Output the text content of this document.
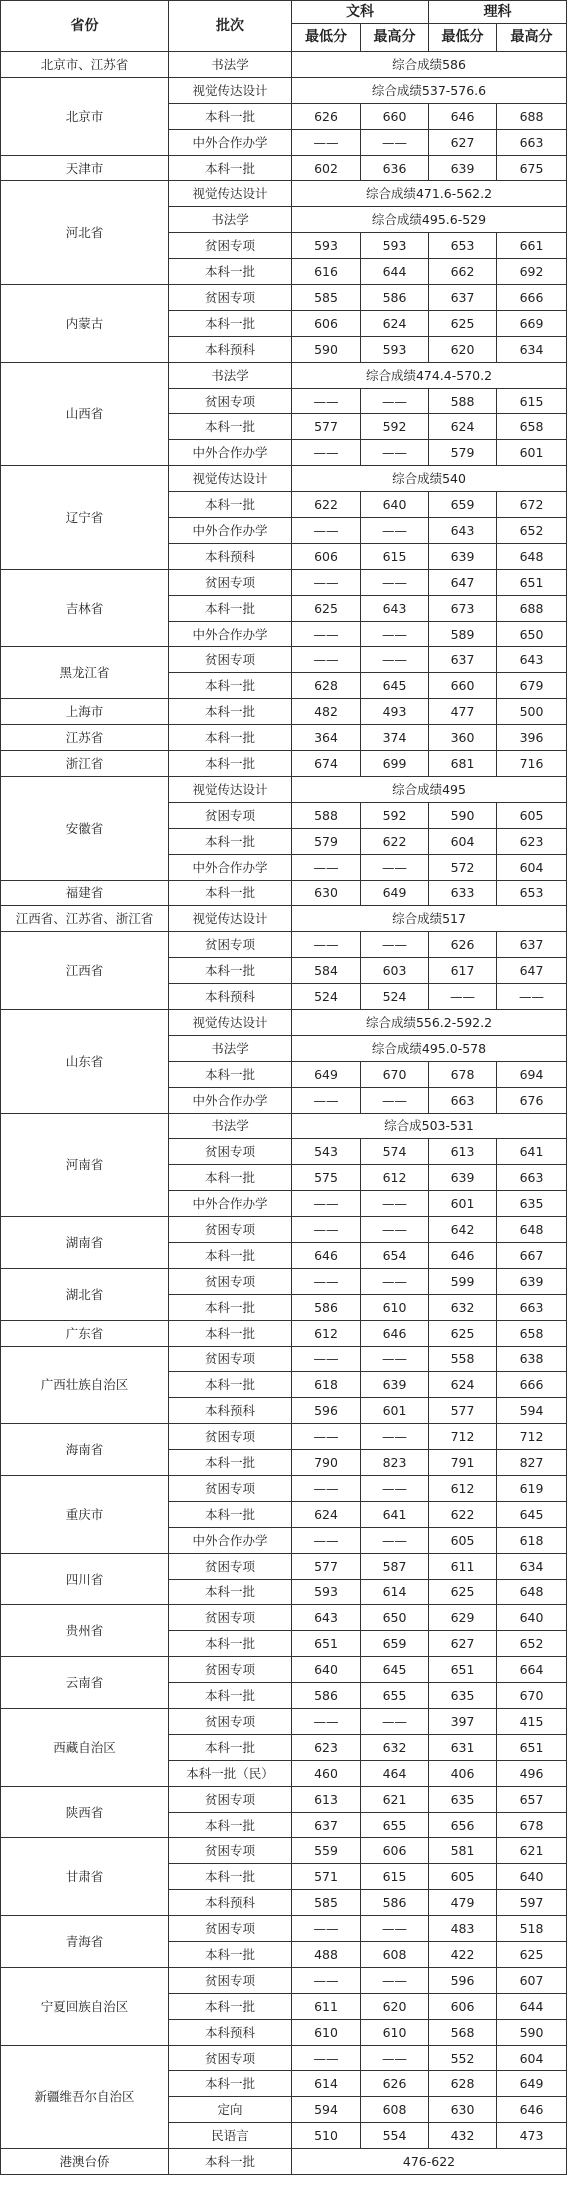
省份	批次	文科		理科	
		最低分	最高分	最低分	最高分
北京市、江苏省	书法学	综合成绩586			
北京市	视觉传达设计	综合成绩537-576.6			
	本科一批	626	660	646	688
	中外合作办学	——	——	627	663
天津市	本科一批	602	636	639	675
河北省	视觉传达设计	综合成绩471.6-562.2			
	书法学	综合成绩495.6-529			
	贫困专项	593	593	653	661
	本科一批	616	644	662	692
内蒙古	贫困专项	585	586	637	666
	本科一批	606	624	625	669
	本科预科	590	593	620	634
山西省	书法学	综合成绩474.4-570.2			
	贫困专项	——	——	588	615
	本科一批	577	592	624	658
	中外合作办学	——	——	579	601
辽宁省	视觉传达设计	综合成绩540			
	本科一批	622	640	659	672
	中外合作办学	——	——	643	652
	本科预科	606	615	639	648
吉林省	贫困专项	——	——	647	651
	本科一批	625	643	673	688
	中外合作办学	——	——	589	650
黑龙江省	贫困专项	——	——	637	643
	本科一批	628	645	660	679
上海市	本科一批	482	493	477	500
江苏省	本科一批	364	374	360	396
浙江省	本科一批	674	699	681	716
安徽省	视觉传达设计	综合成绩495			
	贫困专项	588	592	590	605
	本科一批	579	622	604	623
	中外合作办学	——	——	572	604
福建省	本科一批	630	649	633	653
江西省、江苏省、浙江省	视觉传达设计	综合成绩517			
江西省	贫困专项	——	——	626	637
	本科一批	584	603	617	647
	本科预科	524	524	——	——
山东省	视觉传达设计	综合成绩556.2-592.2			
	书法学	综合成绩495.0-578			
	本科一批	649	670	678	694
	中外合作办学	——	——	663	676
河南省	书法学	综合成503-531			
	贫困专项	543	574	613	641
	本科一批	575	612	639	663
	中外合作办学	——	——	601	635
湖南省	贫困专项	——	——	642	648
	本科一批	646	654	646	667
湖北省	贫困专项	——	——	599	639
	本科一批	586	610	632	663
广东省	本科一批	612	646	625	658
广西壮族自治区	贫困专项	——	——	558	638
	本科一批	618	639	624	666
	本科预科	596	601	577	594
海南省	贫困专项	——	——	712	712
	本科一批	790	823	791	827
重庆市	贫困专项	——	——	612	619
	本科一批	624	641	622	645
	中外合作办学	——	——	605	618
四川省	贫困专项	577	587	611	634
	本科一批	593	614	625	648
贵州省	贫困专项	643	650	629	640
	本科一批	651	659	627	652
云南省	贫困专项	640	645	651	664
	本科一批	586	655	635	670
西藏自治区	贫困专项	——	——	397	415
	本科一批	623	632	631	651
	本科一批（民）	460	464	406	496
陕西省	贫困专项	613	621	635	657
	本科一批	637	655	656	678
甘肃省	贫困专项	559	606	581	621
	本科一批	571	615	605	640
	本科预科	585	586	479	597
青海省	贫困专项	——	——	483	518
	本科一批	488	608	422	625
宁夏回族自治区	贫困专项	——	——	596	607
	本科一批	611	620	606	644
	本科预科	610	610	568	590
新疆维吾尔自治区	贫困专项	——	——	552	604
	本科一批	614	626	628	649
	定向	594	608	630	646
	民语言	510	554	432	473
港澳台侨	本科一批	476-622			
